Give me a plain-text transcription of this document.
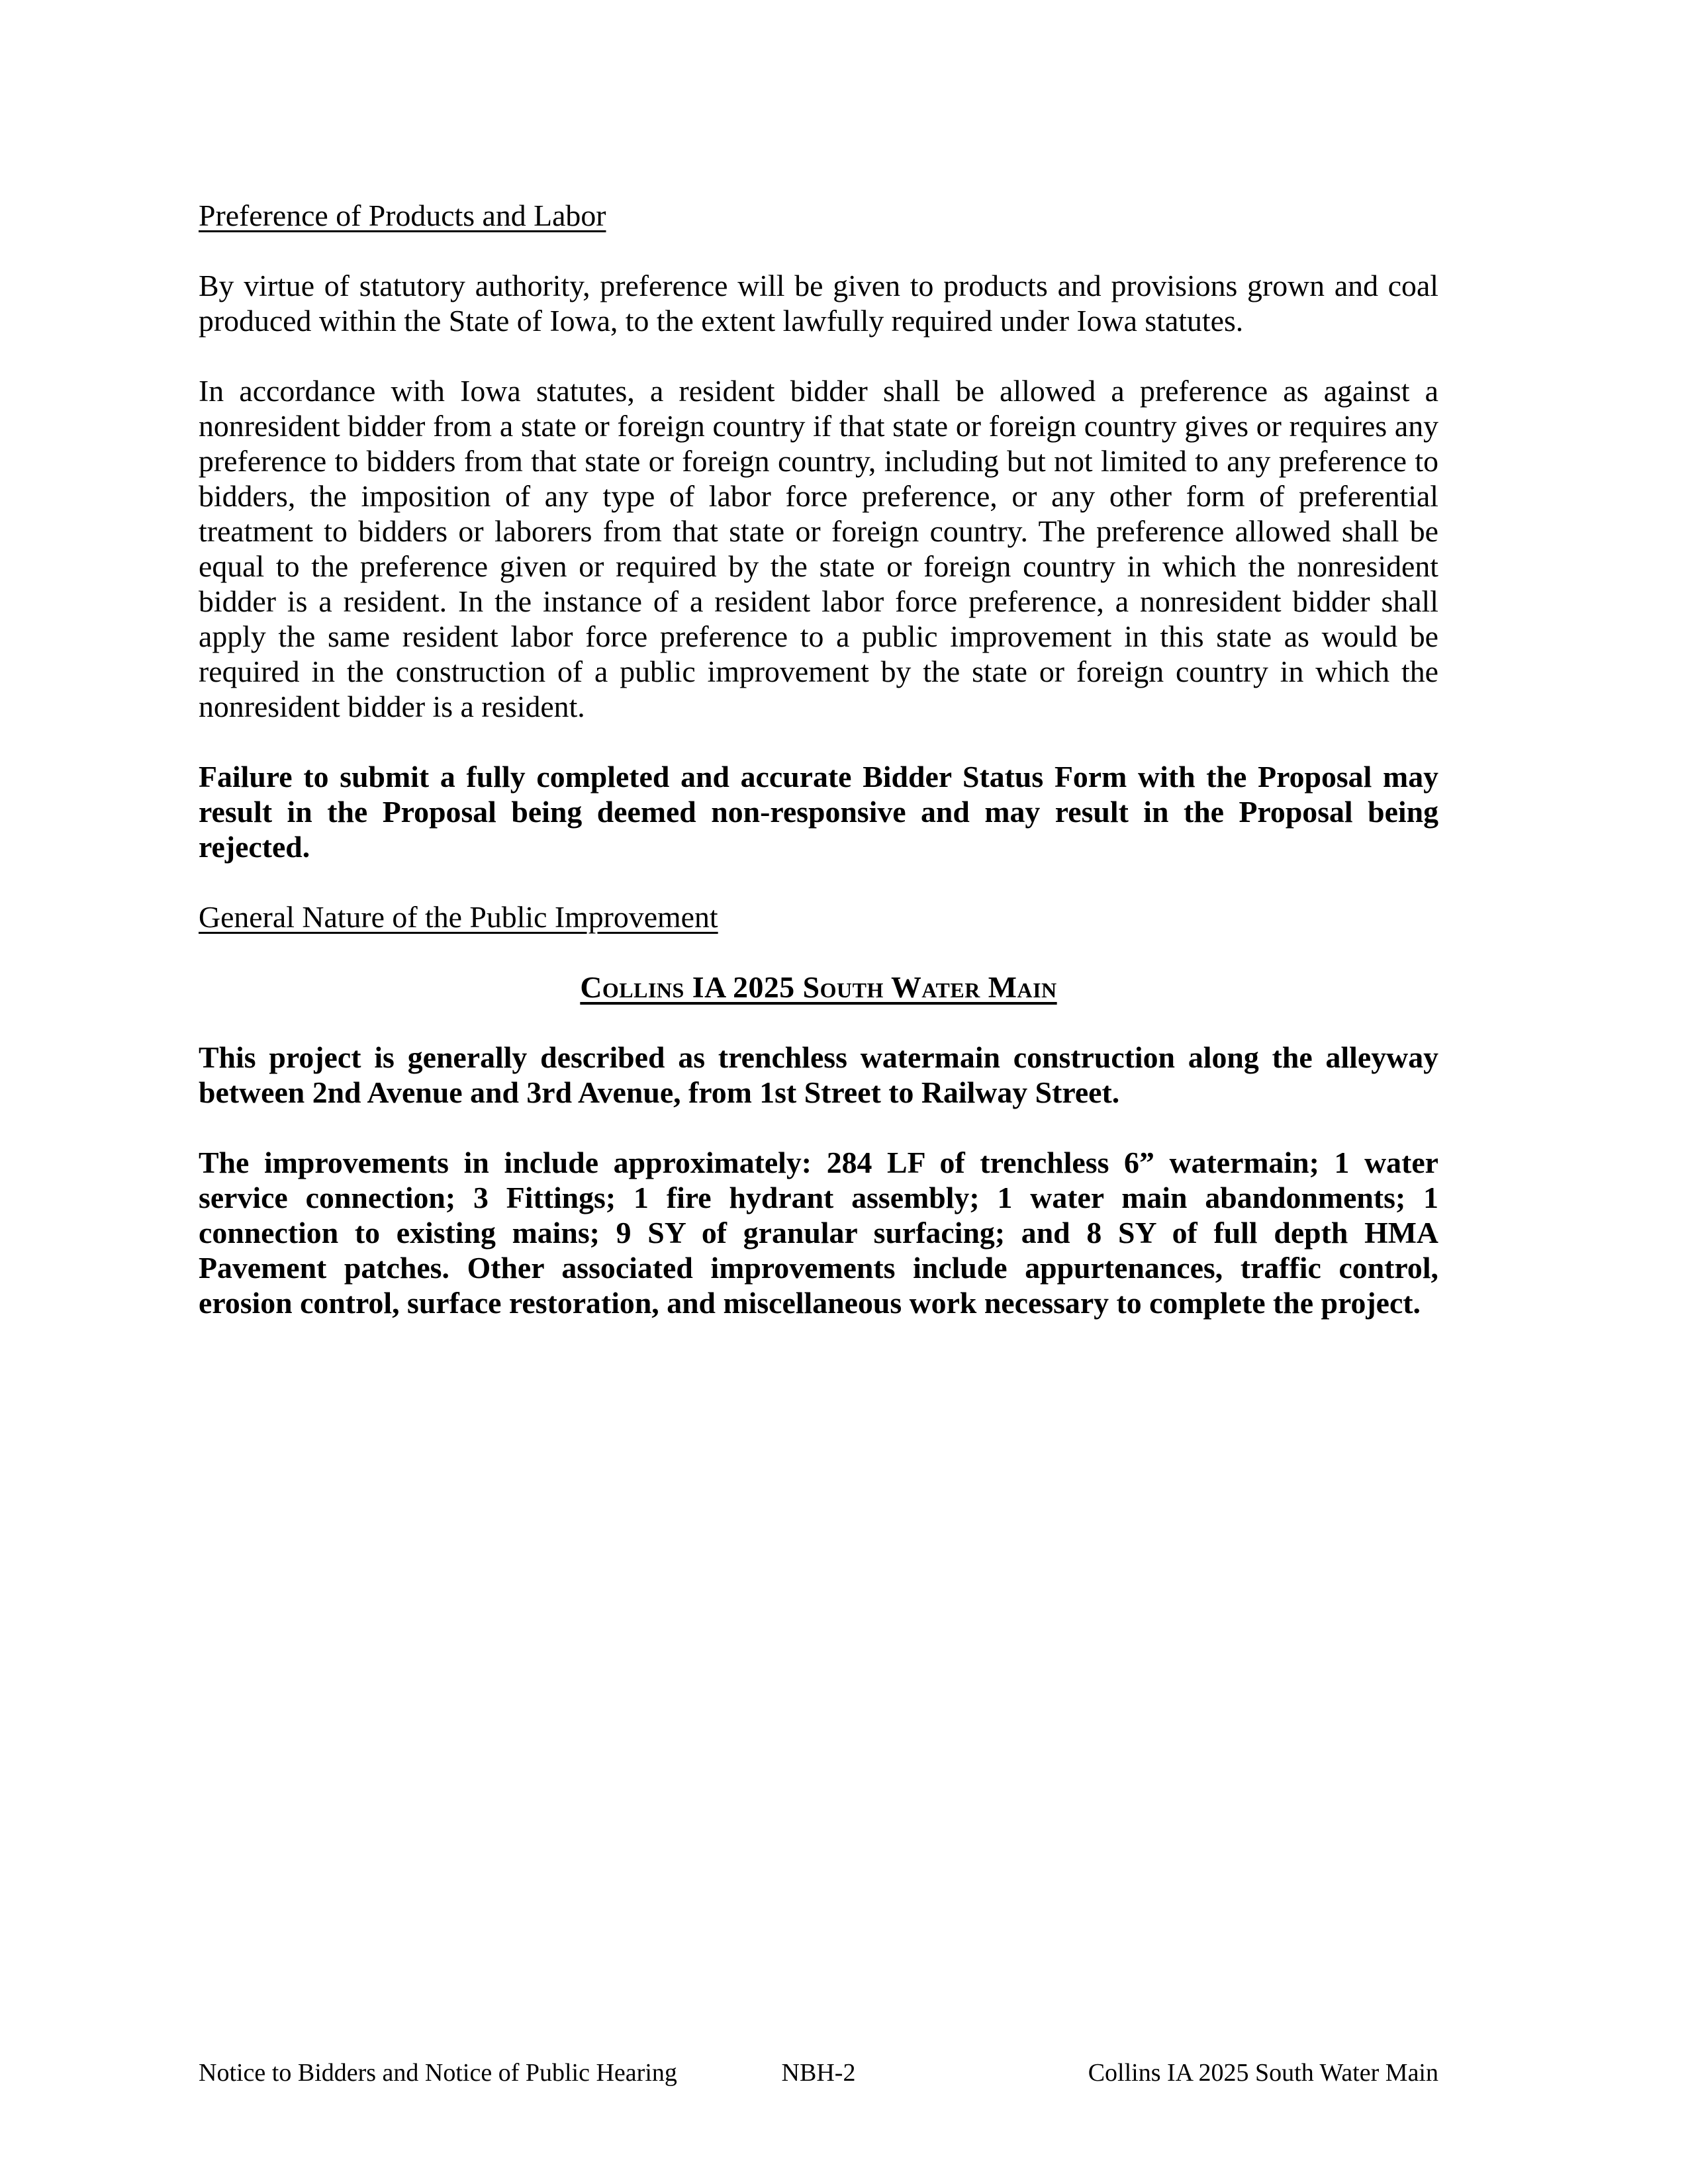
Preference of Products and Labor

By virtue of statutory authority, preference will be given to products and provisions grown and coal produced within the State of Iowa, to the extent lawfully required under Iowa statutes.

In accordance with Iowa statutes, a resident bidder shall be allowed a preference as against a nonresident bidder from a state or foreign country if that state or foreign country gives or requires any preference to bidders from that state or foreign country, including but not limited to any preference to bidders, the imposition of any type of labor force preference, or any other form of preferential treatment to bidders or laborers from that state or foreign country. The preference allowed shall be equal to the preference given or required by the state or foreign country in which the nonresident bidder is a resident. In the instance of a resident labor force preference, a nonresident bidder shall apply the same resident labor force preference to a public improvement in this state as would be required in the construction of a public improvement by the state or foreign country in which the nonresident bidder is a resident.

Failure to submit a fully completed and accurate Bidder Status Form with the Proposal may result in the Proposal being deemed non-responsive and may result in the Proposal being rejected.

General Nature of the Public Improvement
Collins IA 2025 South Water Main

This project is generally described as trenchless watermain construction along the alleyway between 2nd Avenue and 3rd Avenue, from 1st Street to Railway Street.

The improvements in include approximately: 284 LF of trenchless 6” watermain; 1 water service connection; 3 Fittings; 1 fire hydrant assembly; 1 water main abandonments; 1 connection to existing mains; 9 SY of granular surfacing; and 8 SY of full depth HMA Pavement patches. Other associated improvements include appurtenances, traffic control, erosion control, surface restoration, and miscellaneous work necessary to complete the project.

Notice to Bidders and Notice of Public Hearing	NBH-2	Collins IA 2025 South Water Main
